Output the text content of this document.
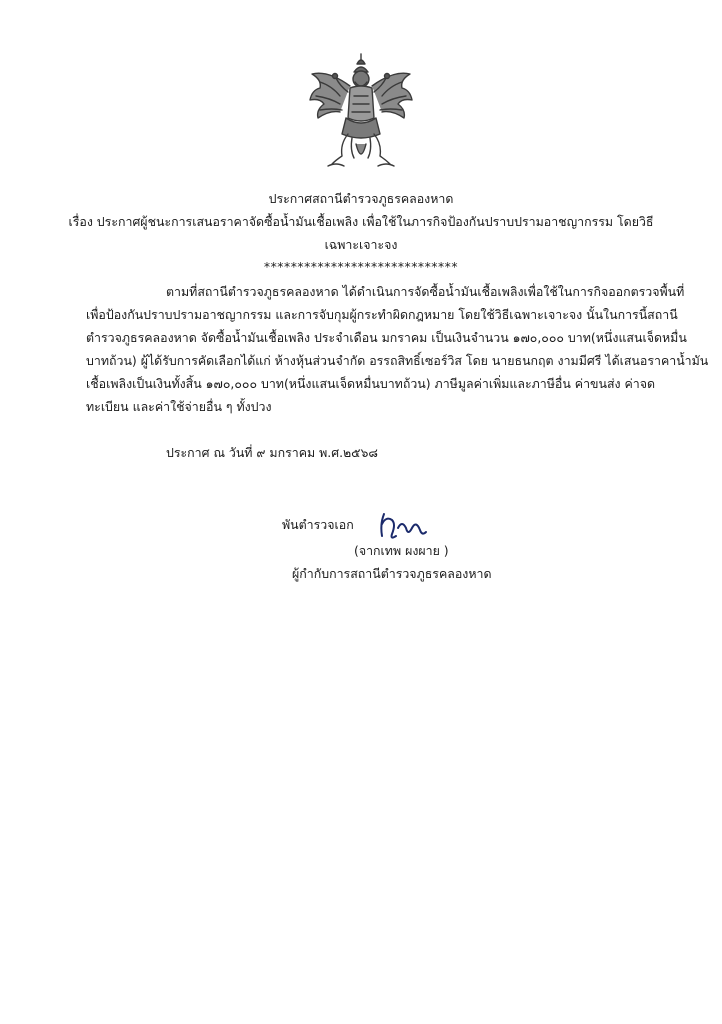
ประกาศสถานีตำรวจภูธรคลองหาด
เรื่อง ประกาศผู้ชนะการเสนอราคาจัดซื้อน้ำมันเชื้อเพลิง เพื่อใช้ในภารกิจป้องกันปราบปรามอาชญากรรม โดยวิธี
เฉพาะเจาะจง
*****************************
ตามที่สถานีตำรวจภูธรคลองหาด ได้ดำเนินการจัดซื้อน้ำมันเชื้อเพลิงเพื่อใช้ในการกิจออกตรวจพื้นที่
เพื่อป้องกันปราบปรามอาชญากรรม และการจับกุมผู้กระทำผิดกฎหมาย โดยใช้วิธีเฉพาะเจาะจง นั้นในการนี้สถานี
ตำรวจภูธรคลองหาด จัดซื้อน้ำมันเชื้อเพลิง ประจำเดือน มกราคม เป็นเงินจำนวน ๑๗๐,๐๐๐ บาท(หนึ่งแสนเจ็ดหมื่น
บาทถ้วน) ผู้ได้รับการคัดเลือกได้แก่ ห้างหุ้นส่วนจำกัด อรรถสิทธิ์เซอร์วิส โดย นายธนกฤต งามมีศรี ได้เสนอราคาน้ำมัน
เชื้อเพลิงเป็นเงินทั้งสิ้น ๑๗๐,๐๐๐ บาท(หนึ่งแสนเจ็ดหมื่นบาทถ้วน) ภาษีมูลค่าเพิ่มและภาษีอื่น ค่าขนส่ง ค่าจด
ทะเบียน และค่าใช้จ่ายอื่น ๆ ทั้งปวง
ประกาศ ณ วันที่ ๙ มกราคม พ.ศ.๒๕๖๘
พันตำรวจเอก
(จากเทพ ผงผาย )
ผู้กำกับการสถานีตำรวจภูธรคลองหาด
